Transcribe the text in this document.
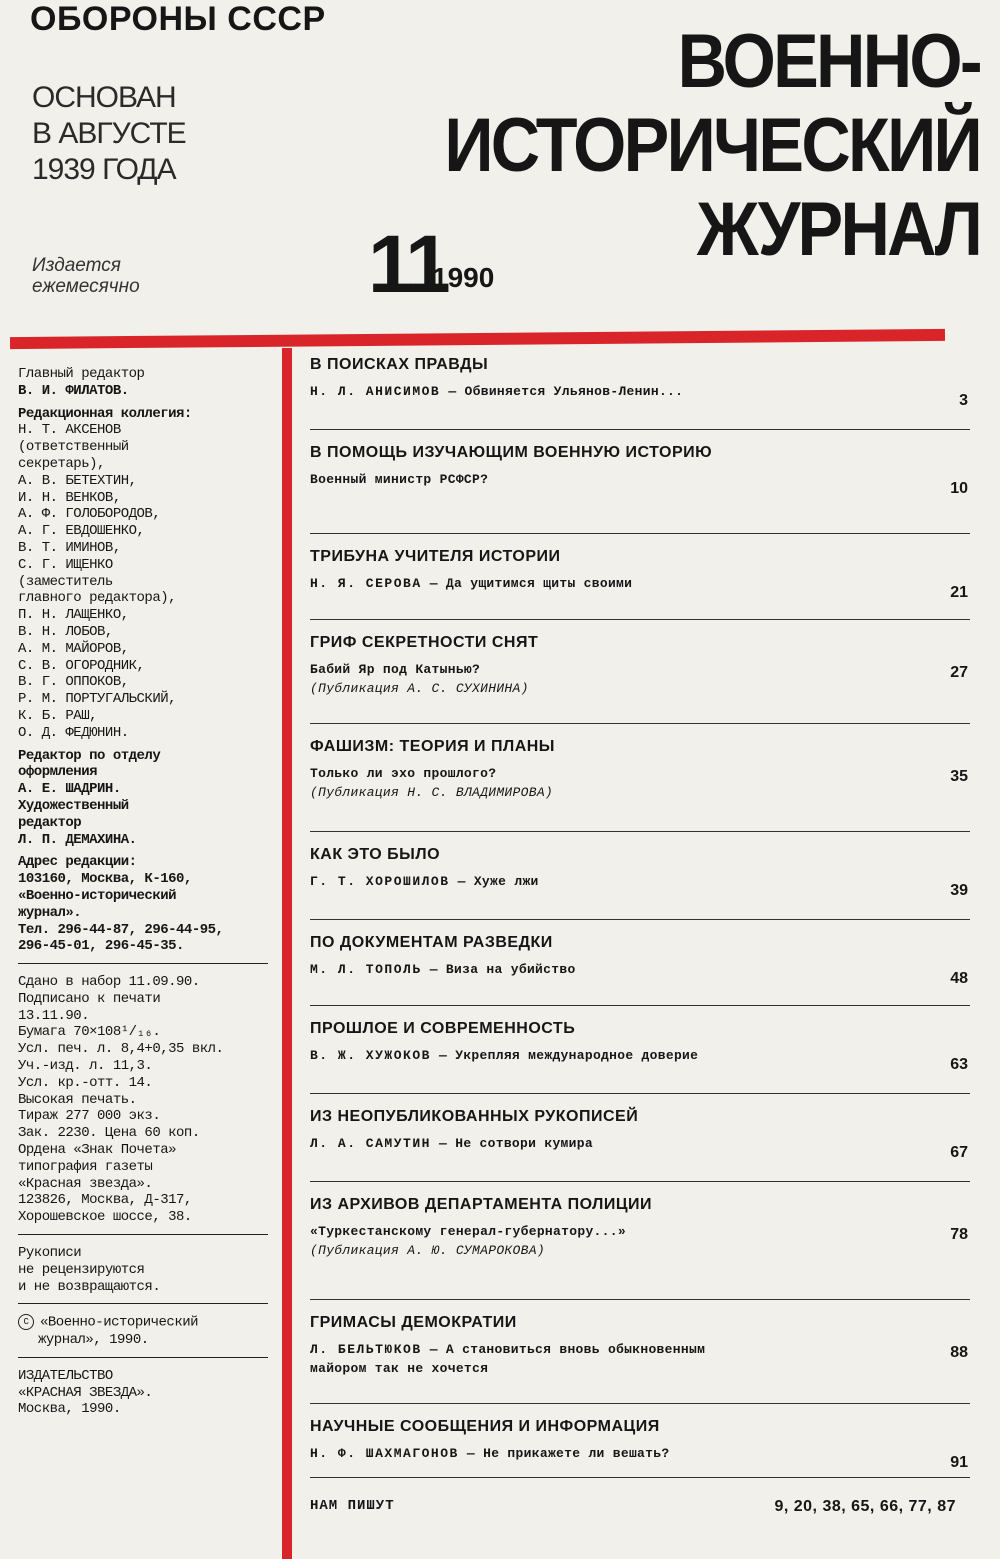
ОБОРОНЫ СССР
ОСНОВАН
В АВГУСТЕ
1939 ГОДА
Издается
ежемесячно
ВОЕННО-
ИСТОРИЧЕСКИЙ
ЖУРНАЛ
11
1990
Главный редактор
В. И. ФИЛАТОВ.
Редакционная коллегия:
Н. Т. АКСЕНОВ
(ответственный
секретарь),
А. В. БЕТЕХТИН,
И. Н. ВЕНКОВ,
А. Ф. ГОЛОБОРОДОВ,
А. Г. ЕВДОШЕНКО,
В. Т. ИМИНОВ,
С. Г. ИЩЕНКО
(заместитель
главного редактора),
П. Н. ЛАЩЕНКО,
В. Н. ЛОБОВ,
А. М. МАЙОРОВ,
С. В. ОГОРОДНИК,
В. Г. ОППОКОВ,
Р. М. ПОРТУГАЛЬСКИЙ,
К. Б. РАШ,
О. Д. ФЕДЮНИН.
Редактор по отделу
оформления
А. Е. ШАДРИН.
Художественный
редактор
Л. П. ДЕМАХИНА.
Адрес редакции:
103160, Москва, К-160,
«Военно-исторический
журнал».
Тел. 296-44-87, 296-44-95,
296-45-01, 296-45-35.
Сдано в набор 11.09.90.
Подписано к печати
13.11.90.
Бумага 70×108¹/₁₆.
Усл. печ. л. 8,4+0,35 вкл.
Уч.-изд. л. 11,3.
Усл. кр.-отт. 14.
Высокая печать.
Тираж 277 000 экз.
Зак. 2230. Цена 60 коп.
Ордена «Знак Почета»
типография газеты
«Красная звезда».
123826, Москва, Д-317,
Хорошевское шоссе, 38.
Рукописи
не рецензируются
и не возвращаются.
C «Военно-исторический
журнал», 1990.
ИЗДАТЕЛЬСТВО
«КРАСНАЯ ЗВЕЗДА».
Москва, 1990.
В ПОИСКАХ ПРАВДЫ
Н. Л. АНИСИМОВ — Обвиняется Ульянов-Ленин...
3
В ПОМОЩЬ ИЗУЧАЮЩИМ ВОЕННУЮ ИСТОРИЮ
Военный министр РСФСР?
10
ТРИБУНА УЧИТЕЛЯ ИСТОРИИ
Н. Я. СЕРОВА — Да ущитимся щиты своими
21
ГРИФ СЕКРЕТНОСТИ СНЯТ
Бабий Яр под Катынью?
(Публикация А. С. СУХИНИНА)
27
ФАШИЗМ: ТЕОРИЯ И ПЛАНЫ
Только ли эхо прошлого?
(Публикация Н. С. ВЛАДИМИРОВА)
35
КАК ЭТО БЫЛО
Г. Т. ХОРОШИЛОВ — Хуже лжи
39
ПО ДОКУМЕНТАМ РАЗВЕДКИ
М. Л. ТОПОЛЬ — Виза на убийство
48
ПРОШЛОЕ И СОВРЕМЕННОСТЬ
В. Ж. ХУЖОКОВ — Укрепляя международное доверие
63
ИЗ НЕОПУБЛИКОВАННЫХ РУКОПИСЕЙ
Л. А. САМУТИН — Не сотвори кумира
67
ИЗ АРХИВОВ ДЕПАРТАМЕНТА ПОЛИЦИИ
«Туркестанскому генерал-губернатору...»
(Публикация А. Ю. СУМАРОКОВА)
78
ГРИМАСЫ ДЕМОКРАТИИ
Л. БЕЛЬТЮКОВ — А становиться вновь обыкновенным
майором так не хочется
88
НАУЧНЫЕ СООБЩЕНИЯ И ИНФОРМАЦИЯ
Н. Ф. ШАХМАГОНОВ — Не прикажете ли вешать?
91
НАМ ПИШУТ	9, 20, 38, 65, 66, 77, 87
